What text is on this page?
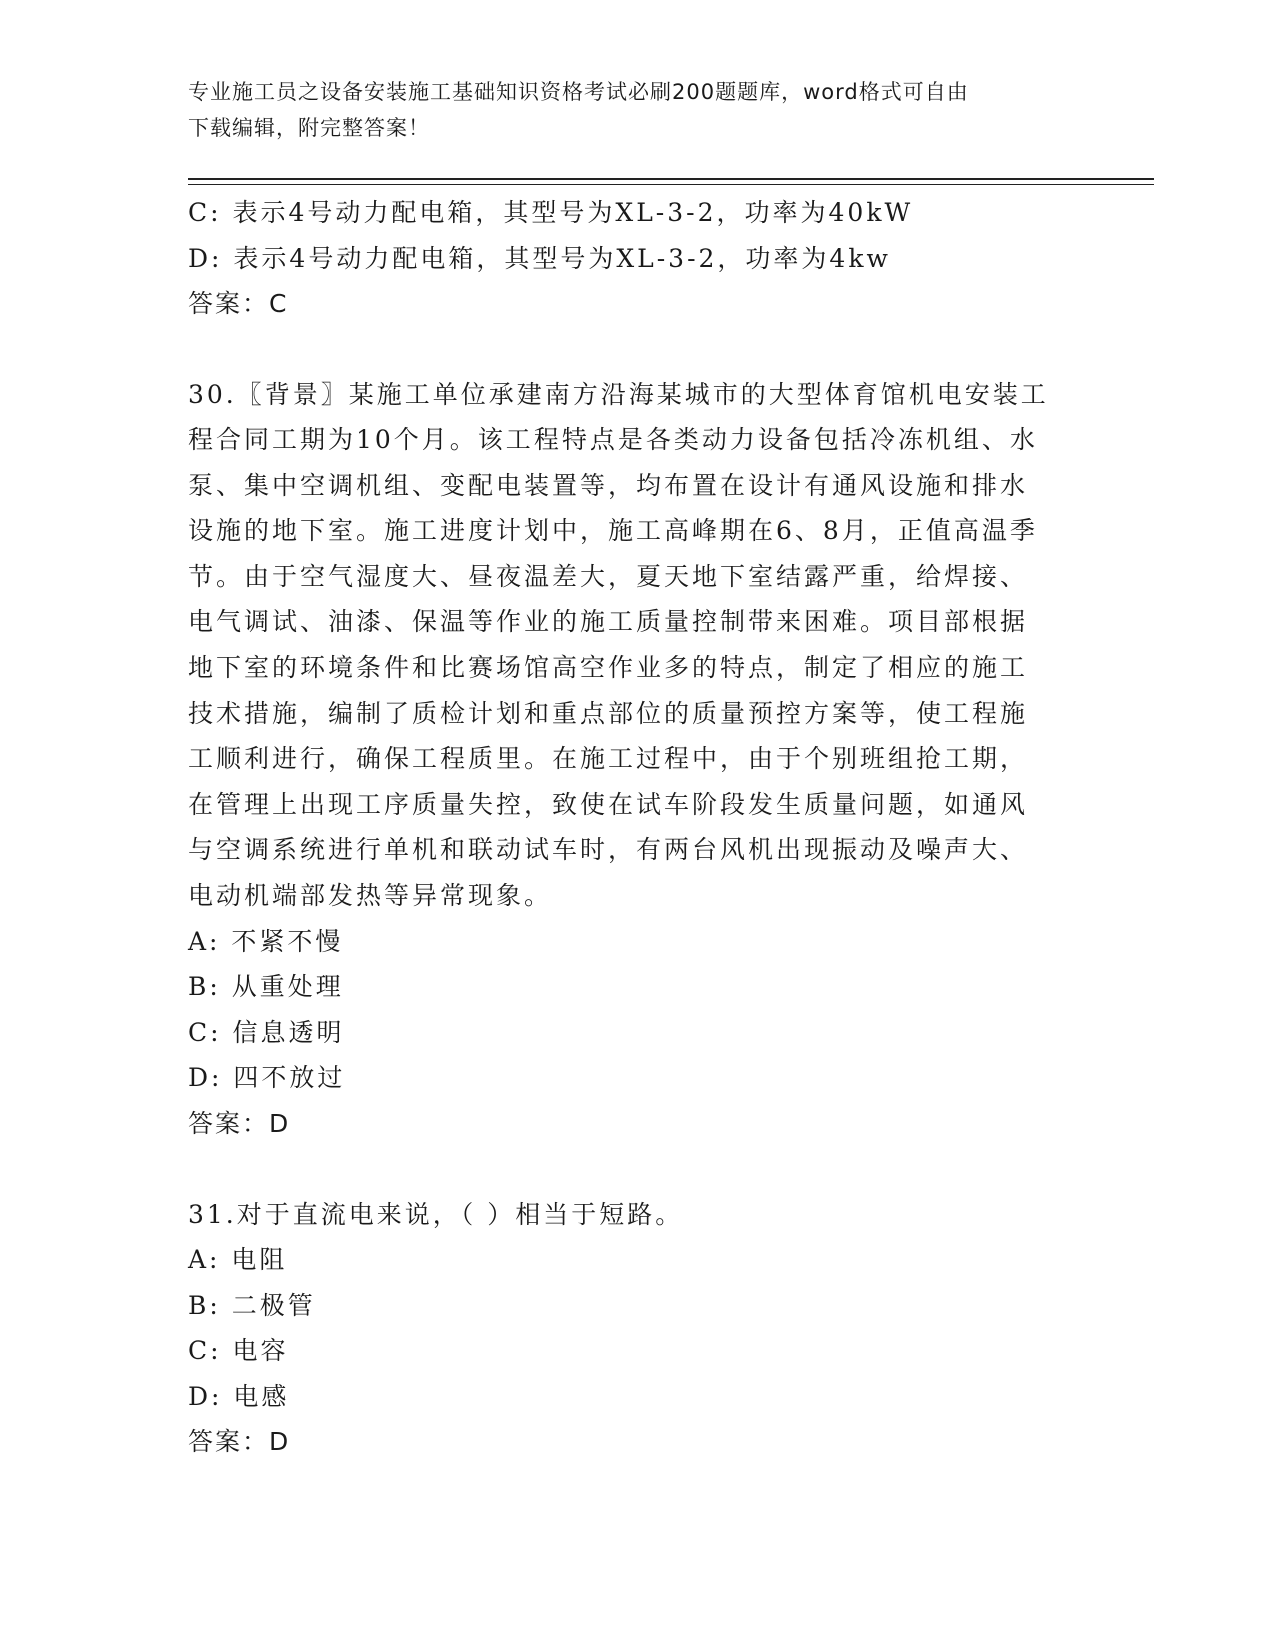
专业施工员之设备安装施工基础知识资格考试必刷200题题库，word格式可自由
下载编辑，附完整答案！
C: 表示4号动力配电箱，其型号为XL-3-2，功率为40kW
D: 表示4号动力配电箱，其型号为XL-3-2，功率为4kw
答案：C
30.〖背景〗某施工单位承建南方沿海某城市的大型体育馆机电安装工
程合同工期为10个月。该工程特点是各类动力设备包括冷冻机组、水
泵、集中空调机组、变配电装置等，均布置在设计有通风设施和排水
设施的地下室。施工进度计划中，施工高峰期在6、8月，正值高温季
节。由于空气湿度大、昼夜温差大，夏天地下室结露严重，给焊接、
电气调试、油漆、保温等作业的施工质量控制带来困难。项目部根据
地下室的环境条件和比赛场馆高空作业多的特点，制定了相应的施工
技术措施，编制了质检计划和重点部位的质量预控方案等，使工程施
工顺利进行，确保工程质里。在施工过程中，由于个别班组抢工期，
在管理上出现工序质量失控，致使在试车阶段发生质量问题，如通风
与空调系统进行单机和联动试车时，有两台风机出现振动及噪声大、
电动机端部发热等异常现象。
A: 不紧不慢
B: 从重处理
C: 信息透明
D: 四不放过
答案：D
31.对于直流电来说，（ ）相当于短路。
A: 电阻
B: 二极管
C: 电容
D: 电感
答案：D
